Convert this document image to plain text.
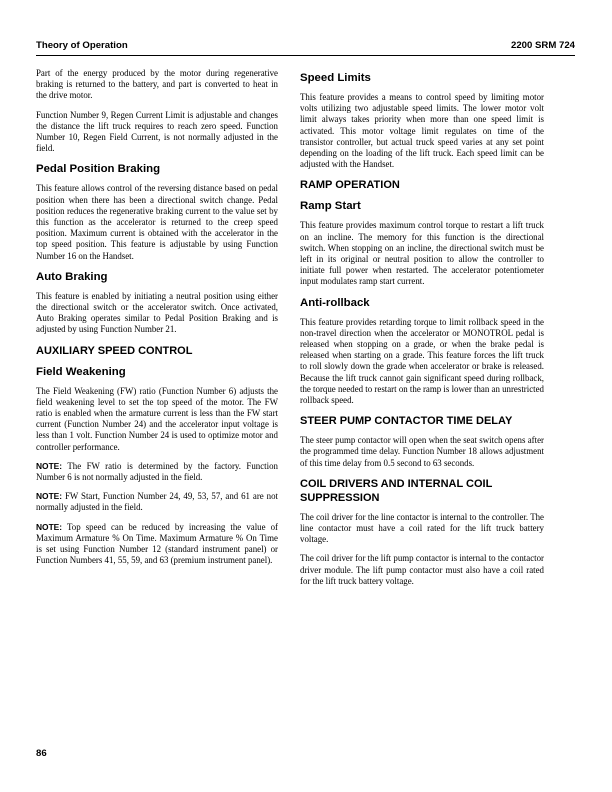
Theory of Operation	2200 SRM 724

Part of the energy produced by the motor during regenerative braking is returned to the battery, and part is converted to heat in the drive motor.

Function Number 9, Regen Current Limit is adjustable and changes the distance the lift truck requires to reach zero speed. Function Number 10, Regen Field Current, is not normally adjusted in the field.

Pedal Position Braking

This feature allows control of the reversing distance based on pedal position when there has been a directional switch change. Pedal position reduces the regenerative braking current to the value set by this function as the accelerator is returned to the creep speed position. Maximum current is obtained with the accelerator in the top speed position. This feature is adjustable by using Function Number 16 on the Handset.

Auto Braking

This feature is enabled by initiating a neutral position using either the directional switch or the accelerator switch. Once activated, Auto Braking operates similar to Pedal Position Braking and is adjusted by using Function Number 21.

AUXILIARY SPEED CONTROL
Field Weakening

The Field Weakening (FW) ratio (Function Number 6) adjusts the field weakening level to set the top speed of the motor. The FW ratio is enabled when the armature current is less than the FW start current (Function Number 24) and the accelerator input voltage is less than 1 volt. Function Number 24 is used to optimize motor and controller performance.

NOTE: The FW ratio is determined by the factory. Function Number 6 is not normally adjusted in the field.

NOTE: FW Start, Function Number 24, 49, 53, 57, and 61 are not normally adjusted in the field.

NOTE: Top speed can be reduced by increasing the value of Maximum Armature % On Time. Maximum Armature % On Time is set using Function Number 12 (standard instrument panel) or Function Numbers 41, 55, 59, and 63 (premium instrument panel).

Speed Limits

This feature provides a means to control speed by limiting motor volts utilizing two adjustable speed limits. The lower motor volt limit always takes priority when more than one speed limit is activated. This motor voltage limit regulates on time of the transistor controller, but actual truck speed varies at any set point depending on the loading of the lift truck. Each speed limit can be adjusted with the Handset.

RAMP OPERATION
Ramp Start

This feature provides maximum control torque to restart a lift truck on an incline. The memory for this function is the directional switch. When stopping on an incline, the directional switch must be left in its original or neutral position to allow the controller to initiate full power when restarted. The accelerator potentiometer input modulates ramp start current.

Anti-rollback

This feature provides retarding torque to limit rollback speed in the non-travel direction when the accelerator or MONOTROL pedal is released when stopping on a grade, or when the brake pedal is released when starting on a grade. This feature forces the lift truck to roll slowly down the grade when accelerator or brake is released. Because the lift truck cannot gain significant speed during rollback, the torque needed to restart on the ramp is lower than an unrestricted rollback speed.

STEER PUMP CONTACTOR TIME DELAY

The steer pump contactor will open when the seat switch opens after the programmed time delay. Function Number 18 allows adjustment of this time delay from 0.5 second to 63 seconds.

COIL DRIVERS AND INTERNAL COIL SUPPRESSION

The coil driver for the line contactor is internal to the controller. The line contactor must have a coil rated for the lift truck battery voltage.

The coil driver for the lift pump contactor is internal to the contactor driver module. The lift pump contactor must also have a coil rated for the lift truck battery voltage.

86
